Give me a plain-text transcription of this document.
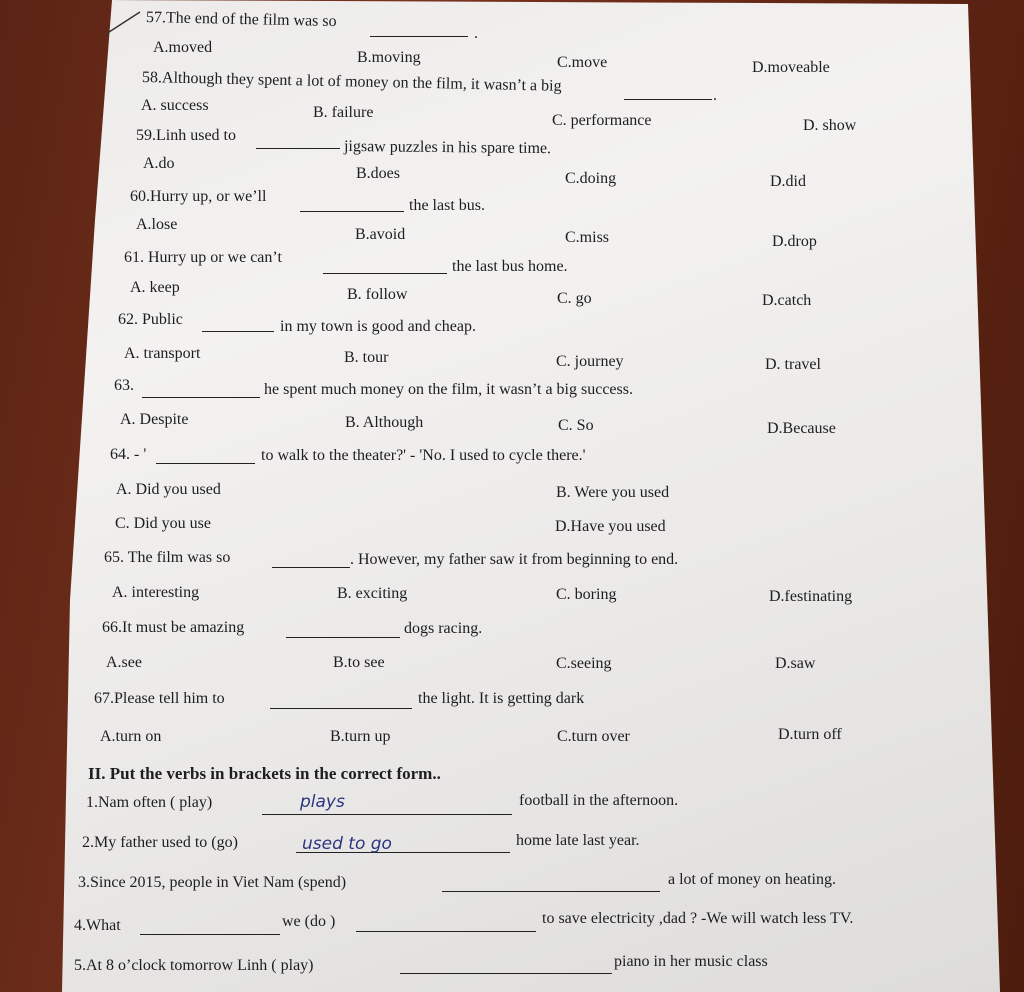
57.The end of the film was so
.
A.moved
B.moving	C.move	D.moveable
58.Although they spent a lot of money on the film, it wasn’t a big
.
A. success	B. failure	C. performance	D. show
59.Linh used to
jigsaw puzzles in his spare time.
A.do
B.does	C.doing	D.did
60.Hurry up, or we’ll
the last bus.
A.lose
B.avoid	C.miss	D.drop
61. Hurry up or we can’t
the last bus home.
A. keep	B. follow	C. go	D.catch
62. Public	in my town is good and cheap.
A. transport	B. tour	C. journey	D. travel
63.	he spent much money on the film, it wasn’t a big success.
A. Despite	B. Although	C. So	D.Because
64. - '	to walk to the theater?' - 'No. I used to cycle there.'
A. Did you used	B. Were you used
C. Did you use	D.Have you used
65. The film was so	. However, my father saw it from beginning to end.
A. interesting	B. exciting	C. boring	D.festinating
66.It must be amazing	dogs racing.
A.see	B.to see	C.seeing	D.saw
67.Please tell him to	the light. It is getting dark
A.turn on	B.turn up	C.turn over	D.turn off
II. Put the verbs in brackets in the correct form..
1.Nam often ( play)	plays	football in the afternoon.
2.My father used to (go)	used to go	home late last year.
3.Since 2015, people in Viet Nam (spend)	a lot of money on heating.
4.What	we (do )	to save electricity ,dad ? -We will watch less TV.
5.At 8 o’clock tomorrow Linh ( play)	piano in her music class
